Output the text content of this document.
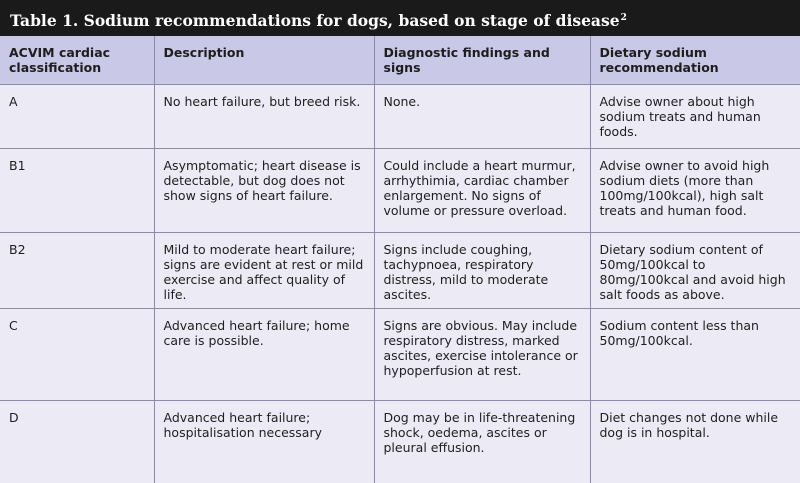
Table 1. Sodium recommendations for dogs, based on stage of disease$^2$
ACVIM cardiac classification	Description	Diagnostic findings and signs	Dietary sodium recommendation
A	No heart failure, but breed risk.	None.	Advise owner about high sodium treats and human foods.
B1	Asymptomatic; heart disease is detectable, but dog does not show signs of heart failure.	Could include a heart murmur, arrhythimia, cardiac chamber enlargement. No signs of volume or pressure overload.	Advise owner to avoid high sodium diets (more than 100mg/100kcal), high salt treats and human food.
B2	Mild to moderate heart failure; signs are evident at rest or mild exercise and affect quality of life.	Signs include coughing, tachypnoea, respiratory distress, mild to moderate ascites.	Dietary sodium content of 50mg/100kcal to 80mg/100kcal and avoid high salt foods as above.
C	Advanced heart failure; home care is possible.	Signs are obvious. May include respiratory distress, marked ascites, exercise intolerance or hypoperfusion at rest.	Sodium content less than 50mg/100kcal.
D	Advanced heart failure; hospitalisation necessary	Dog may be in life-threatening shock, oedema, ascites or pleural effusion.	Diet changes not done while dog is in hospital.
